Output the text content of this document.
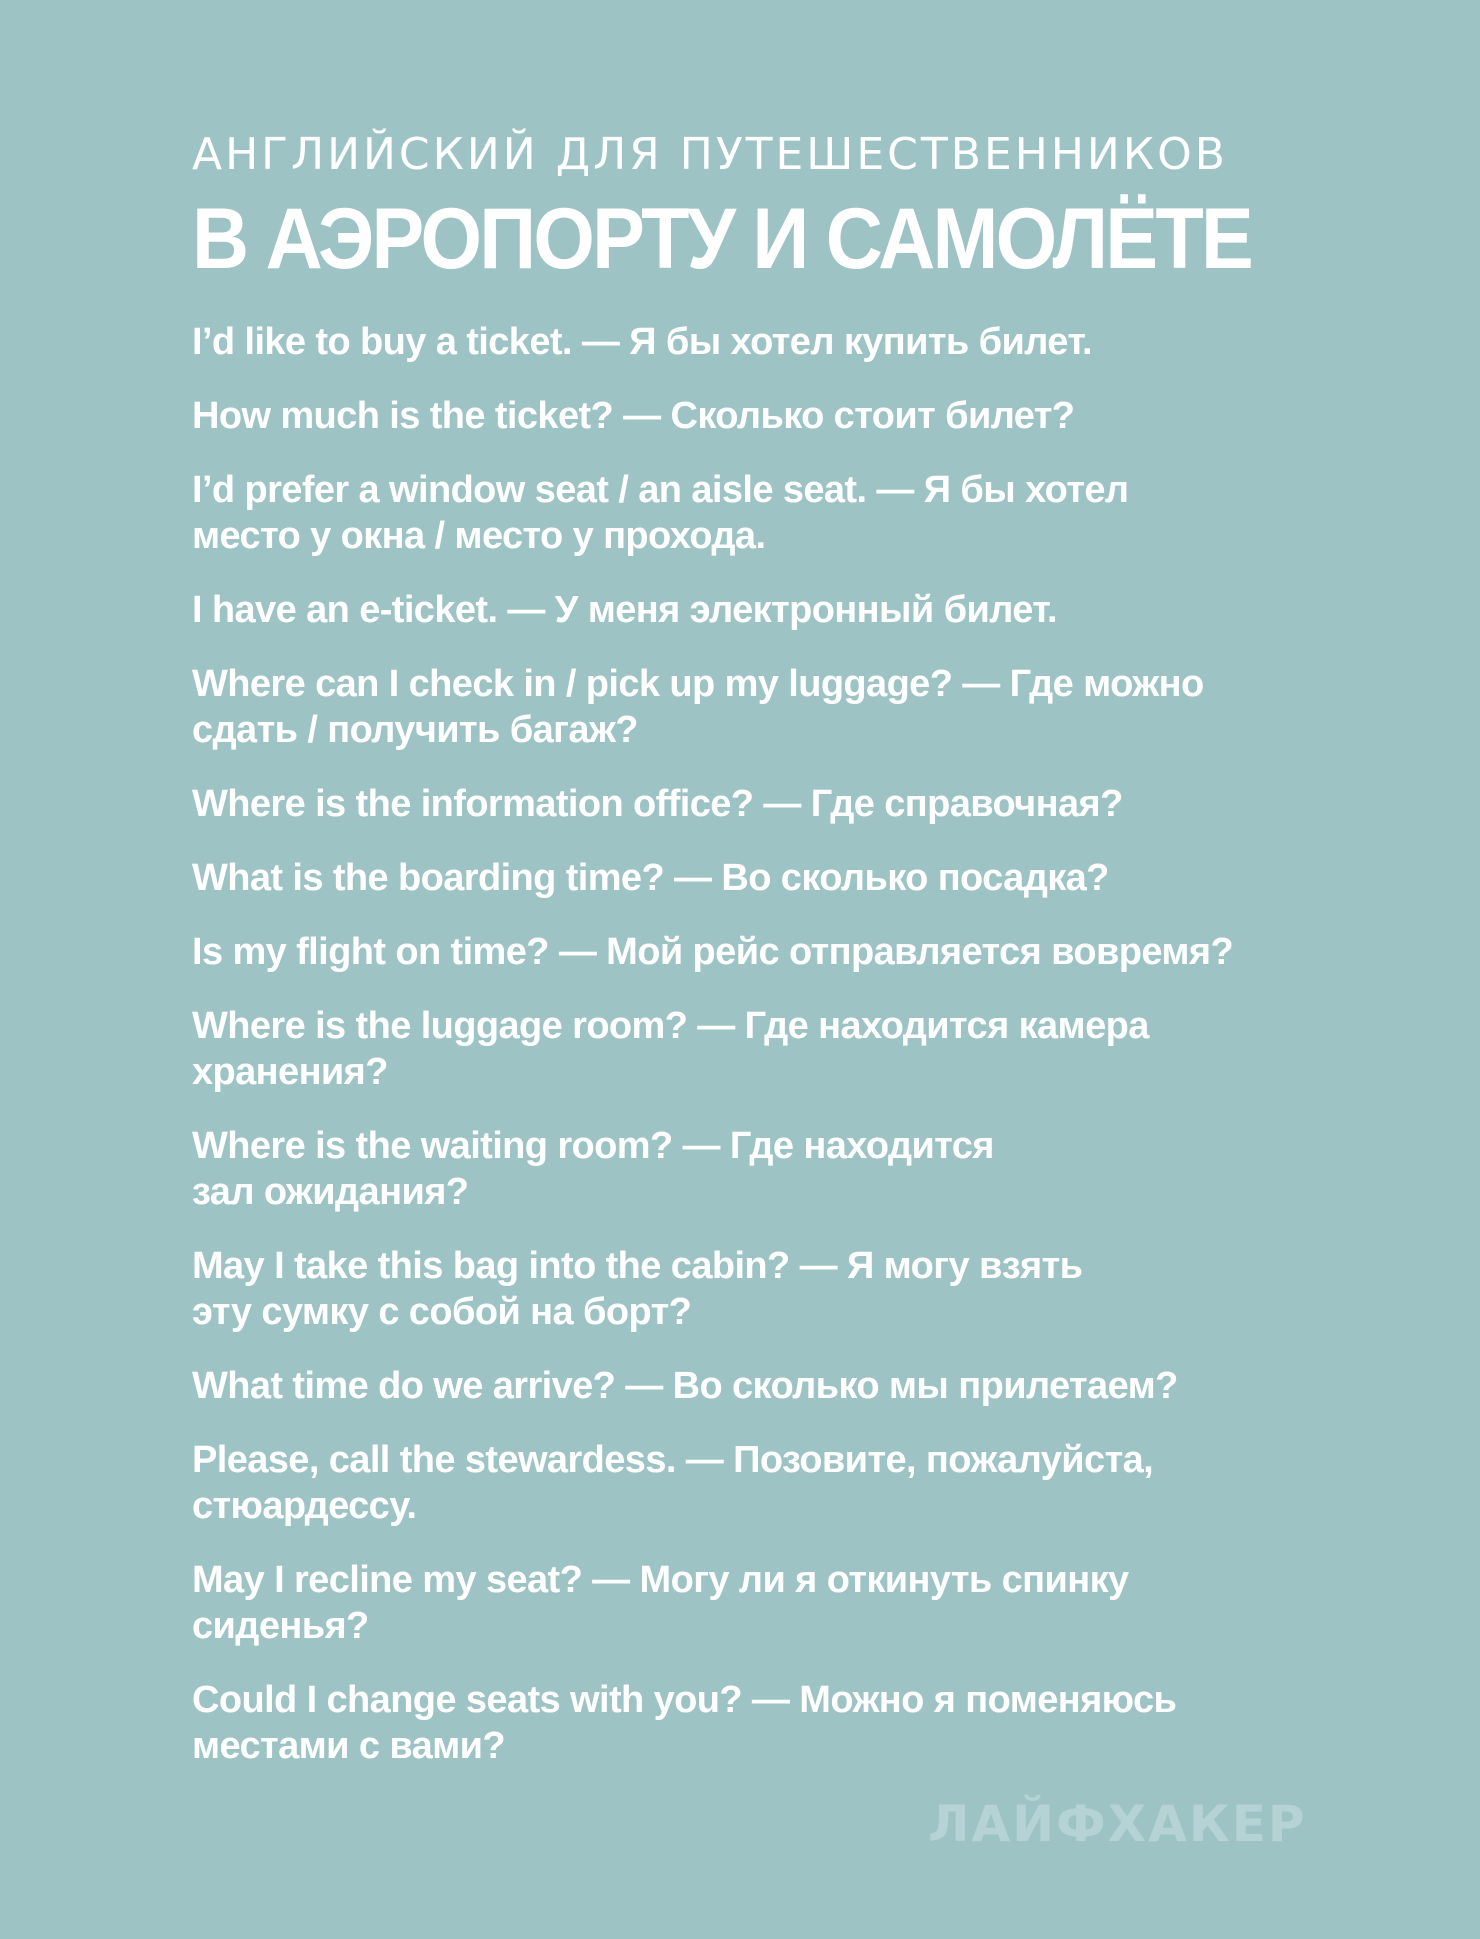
АНГЛИЙСКИЙ ДЛЯ ПУТЕШЕСТВЕННИКОВ
В АЭРОПОРТУ И САМОЛЁТЕ
I’d like to buy a ticket. — Я бы хотел купить билет.
How much is the ticket? — Сколько стоит билет?
I’d prefer a window seat / an aisle seat. — Я бы хотел
место у окна / место у прохода.
I have an e-ticket. — У меня электронный билет.
Where can I check in / pick up my luggage? — Где можно
сдать / получить багаж?
Where is the information office? — Где справочная?
What is the boarding time? — Во сколько посадка?
Is my flight on time? — Мой рейс отправляется вовремя?
Where is the luggage room? — Где находится камера
хранения?
Where is the waiting room? — Где находится
зал ожидания?
May I take this bag into the cabin? — Я могу взять
эту сумку с собой на борт?
What time do we arrive? — Во сколько мы прилетаем?
Please, call the stewardess. — Позовите, пожалуйста,
стюардессу.
May I recline my seat? — Могу ли я откинуть спинку
сиденья?
Could I change seats with you? — Можно я поменяюсь
местами с вами?
ЛАЙФХАКЕР
